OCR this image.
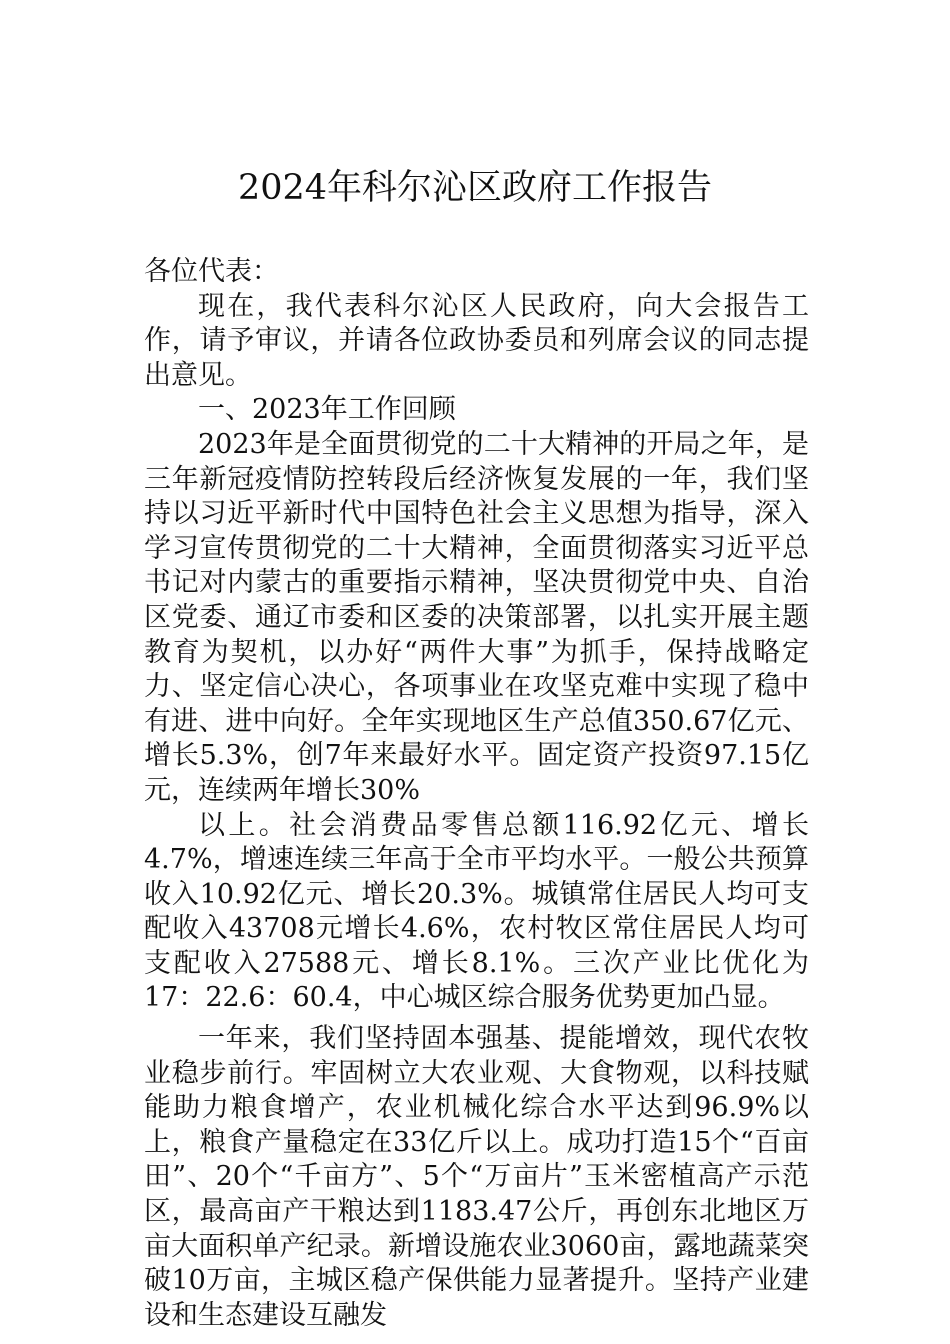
2024年科尔沁区政府工作报告

各位代表：

现在，我代表科尔沁区人民政府，向大会报告工作，请予审议，并请各位政协委员和列席会议的同志提出意见。

一、2023年工作回顾

2023年是全面贯彻党的二十大精神的开局之年，是三年新冠疫情防控转段后经济恢复发展的一年，我们坚持以习近平新时代中国特色社会主义思想为指导，深入学习宣传贯彻党的二十大精神，全面贯彻落实习近平总书记对内蒙古的重要指示精神，坚决贯彻党中央、自治区党委、通辽市委和区委的决策部署，以扎实开展主题教育为契机，以办好“两件大事”为抓手，保持战略定力、坚定信心决心，各项事业在攻坚克难中实现了稳中有进、进中向好。全年实现地区生产总值350.67亿元、增长5.3%，创7年来最好水平。固定资产投资97.15亿元，连续两年增长30%

以上。社会消费品零售总额116.92亿元、增长4.7%，增速连续三年高于全市平均水平。一般公共预算收入10.92亿元、增长20.3%。城镇常住居民人均可支配收入43708元增长4.6%，农村牧区常住居民人均可支配收入27588元、增长8.1%。三次产业比优化为17：22.6：60.4，中心城区综合服务优势更加凸显。

一年来，我们坚持固本强基、提能增效，现代农牧业稳步前行。牢固树立大农业观、大食物观，以科技赋能助力粮食增产，农业机械化综合水平达到96.9%以上，粮食产量稳定在33亿斤以上。成功打造15个“百亩田”、20个“千亩方”、5个“万亩片”玉米密植高产示范区，最高亩产干粮达到1183.47公斤，再创东北地区万亩大面积单产纪录。新增设施农业3060亩，露地蔬菜突破10万亩，主城区稳产保供能力显著提升。坚持产业建设和生态建设互融发
